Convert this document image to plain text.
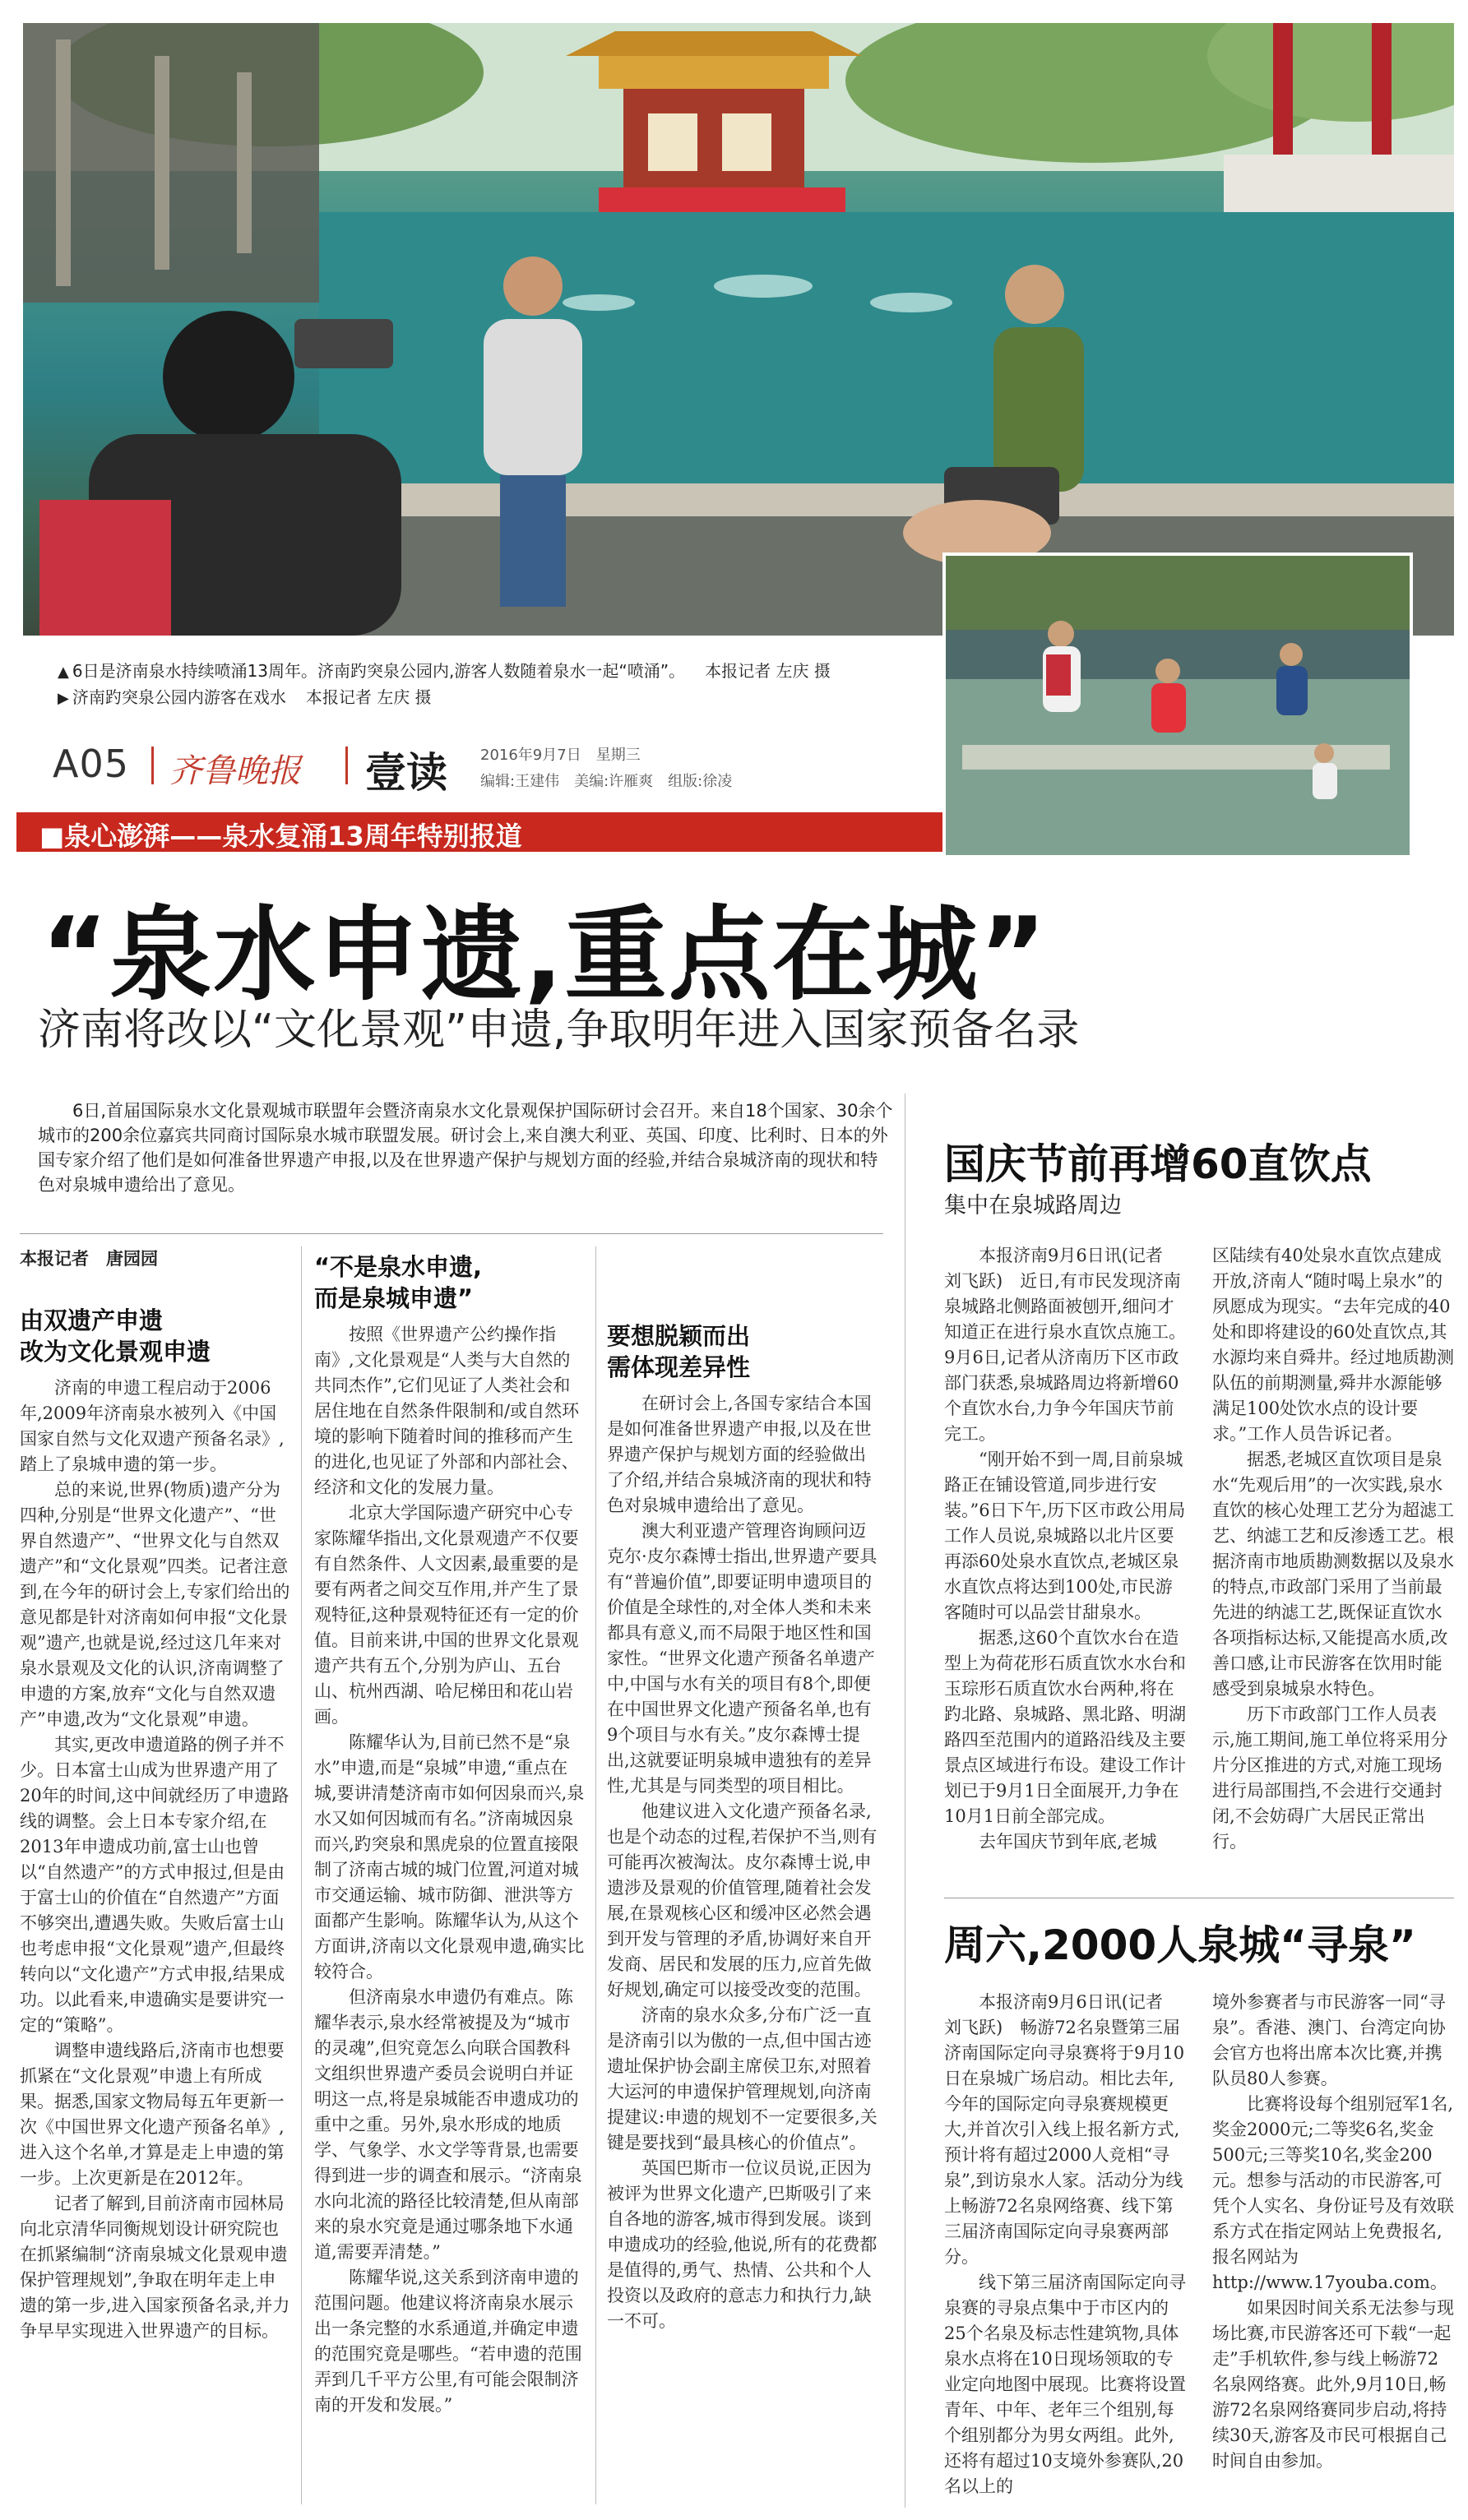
▲ 6日是济南泉水持续喷涌13周年。济南趵突泉公园内,游客人数随着泉水一起“喷涌”。 本报记者 左庆 摄
▶ 济南趵突泉公园内游客在戏水 本报记者 左庆 摄
A05 齐鲁晚报 壹读 2016年9月7日　星期三
编辑:王建伟　美编:许雁爽　组版:徐凌
■泉心澎湃——泉水复涌13周年特别报道
“泉水申遗,重点在城”
济南将改以“文化景观”申遗,争取明年进入国家预备名录
6日,首届国际泉水文化景观城市联盟年会暨济南泉水文化景观保护国际研讨会召开。来自18个国家、30余个城市的200余位嘉宾共同商讨国际泉水城市联盟发展。研讨会上,来自澳大利亚、英国、印度、比利时、日本的外国专家介绍了他们是如何准备世界遗产申报,以及在世界遗产保护与规划方面的经验,并结合泉城济南的现状和特色对泉城申遗给出了意见。
本报记者　唐园园
由双遗产申遗
改为文化景观申遗

济南的申遗工程启动于2006年,2009年济南泉水被列入《中国国家自然与文化双遗产预备名录》,踏上了泉城申遗的第一步。

总的来说,世界(物质)遗产分为四种,分别是“世界文化遗产”、“世界自然遗产”、“世界文化与自然双遗产”和“文化景观”四类。记者注意到,在今年的研讨会上,专家们给出的意见都是针对济南如何申报“文化景观”遗产,也就是说,经过这几年来对泉水景观及文化的认识,济南调整了申遗的方案,放弃“文化与自然双遗产”申遗,改为“文化景观”申遗。

其实,更改申遗道路的例子并不少。日本富士山成为世界遗产用了20年的时间,这中间就经历了申遗路线的调整。会上日本专家介绍,在2013年申遗成功前,富士山也曾以“自然遗产”的方式申报过,但是由于富士山的价值在“自然遗产”方面不够突出,遭遇失败。失败后富士山也考虑申报“文化景观”遗产,但最终转向以“文化遗产”方式申报,结果成功。以此看来,申遗确实是要讲究一定的“策略”。

调整申遗线路后,济南市也想要抓紧在“文化景观”申遗上有所成果。据悉,国家文物局每五年更新一次《中国世界文化遗产预备名单》,进入这个名单,才算是走上申遗的第一步。上次更新是在2012年。

记者了解到,目前济南市园林局向北京清华同衡规划设计研究院也在抓紧编制“济南泉城文化景观申遗保护管理规划”,争取在明年走上申遗的第一步,进入国家预备名录,并力争早早实现进入世界遗产的目标。

“不是泉水申遗,
而是泉城申遗”

按照《世界遗产公约操作指南》,文化景观是“人类与大自然的共同杰作”,它们见证了人类社会和居住地在自然条件限制和/或自然环境的影响下随着时间的推移而产生的进化,也见证了外部和内部社会、经济和文化的发展力量。

北京大学国际遗产研究中心专家陈耀华指出,文化景观遗产不仅要有自然条件、人文因素,最重要的是要有两者之间交互作用,并产生了景观特征,这种景观特征还有一定的价值。目前来讲,中国的世界文化景观遗产共有五个,分别为庐山、五台山、杭州西湖、哈尼梯田和花山岩画。

陈耀华认为,目前已然不是“泉水”申遗,而是“泉城”申遗,“重点在城,要讲清楚济南市如何因泉而兴,泉水又如何因城而有名。”济南城因泉而兴,趵突泉和黑虎泉的位置直接限制了济南古城的城门位置,河道对城市交通运输、城市防御、泄洪等方面都产生影响。陈耀华认为,从这个方面讲,济南以文化景观申遗,确实比较符合。

但济南泉水申遗仍有难点。陈耀华表示,泉水经常被提及为“城市的灵魂”,但究竟怎么向联合国教科文组织世界遗产委员会说明白并证明这一点,将是泉城能否申遗成功的重中之重。另外,泉水形成的地质学、气象学、水文学等背景,也需要得到进一步的调查和展示。“济南泉水向北流的路径比较清楚,但从南部来的泉水究竟是通过哪条地下水通道,需要弄清楚。”

陈耀华说,这关系到济南申遗的范围问题。他建议将济南泉水展示出一条完整的水系通道,并确定申遗的范围究竟是哪些。“若申遗的范围弄到几千平方公里,有可能会限制济南的开发和发展。”

要想脱颖而出
需体现差异性

在研讨会上,各国专家结合本国是如何准备世界遗产申报,以及在世界遗产保护与规划方面的经验做出了介绍,并结合泉城济南的现状和特色对泉城申遗给出了意见。

澳大利亚遗产管理咨询顾问迈克尔·皮尔森博士指出,世界遗产要具有“普遍价值”,即要证明申遗项目的价值是全球性的,对全体人类和未来都具有意义,而不局限于地区性和国家性。“世界文化遗产预备名单遗产中,中国与水有关的项目有8个,即便在中国世界文化遗产预备名单,也有9个项目与水有关。”皮尔森博士提出,这就要证明泉城申遗独有的差异性,尤其是与同类型的项目相比。

他建议进入文化遗产预备名录,也是个动态的过程,若保护不当,则有可能再次被淘汰。皮尔森博士说,申遗涉及景观的价值管理,随着社会发展,在景观核心区和缓冲区必然会遇到开发与管理的矛盾,协调好来自开发商、居民和发展的压力,应首先做好规划,确定可以接受改变的范围。

济南的泉水众多,分布广泛一直是济南引以为傲的一点,但中国古迹遗址保护协会副主席侯卫东,对照着大运河的申遗保护管理规划,向济南提建议:申遗的规划不一定要很多,关键是要找到“最具核心的价值点”。

英国巴斯市一位议员说,正因为被评为世界文化遗产,巴斯吸引了来自各地的游客,城市得到发展。谈到申遗成功的经验,他说,所有的花费都是值得的,勇气、热情、公共和个人投资以及政府的意志力和执行力,缺一不可。

国庆节前再增60直饮点
集中在泉城路周边

本报济南9月6日讯(记者　刘飞跃)　近日,有市民发现济南泉城路北侧路面被刨开,细问才知道正在进行泉水直饮点施工。9月6日,记者从济南历下区市政部门获悉,泉城路周边将新增60个直饮水台,力争今年国庆节前完工。

“刚开始不到一周,目前泉城路正在铺设管道,同步进行安装。”6日下午,历下区市政公用局工作人员说,泉城路以北片区要再添60处泉水直饮点,老城区泉水直饮点将达到100处,市民游客随时可以品尝甘甜泉水。

据悉,这60个直饮水台在造型上为荷花形石质直饮水水台和玉琮形石质直饮水台两种,将在趵北路、泉城路、黑北路、明湖路四至范围内的道路沿线及主要景点区域进行布设。建设工作计划已于9月1日全面展开,力争在10月1日前全部完成。

去年国庆节到年底,老城

区陆续有40处泉水直饮点建成开放,济南人“随时喝上泉水”的夙愿成为现实。“去年完成的40处和即将建设的60处直饮点,其水源均来自舜井。经过地质勘测队伍的前期测量,舜井水源能够满足100处饮水点的设计要求。”工作人员告诉记者。

据悉,老城区直饮项目是泉水“先观后用”的一次实践,泉水直饮的核心处理工艺分为超滤工艺、纳滤工艺和反渗透工艺。根据济南市地质勘测数据以及泉水的特点,市政部门采用了当前最先进的纳滤工艺,既保证直饮水各项指标达标,又能提高水质,改善口感,让市民游客在饮用时能感受到泉城泉水特色。

历下市政部门工作人员表示,施工期间,施工单位将采用分片分区推进的方式,对施工现场进行局部围挡,不会进行交通封闭,不会妨碍广大居民正常出行。

周六,2000人泉城“寻泉”

本报济南9月6日讯(记者　刘飞跃)　畅游72名泉暨第三届济南国际定向寻泉赛将于9月10日在泉城广场启动。相比去年,今年的国际定向寻泉赛规模更大,并首次引入线上报名新方式,预计将有超过2000人竞相“寻泉”,到访泉水人家。活动分为线上畅游72名泉网络赛、线下第三届济南国际定向寻泉赛两部分。

线下第三届济南国际定向寻泉赛的寻泉点集中于市区内的25个名泉及标志性建筑物,具体泉水点将在10日现场领取的专业定向地图中展现。比赛将设置青年、中年、老年三个组别,每个组别都分为男女两组。此外,还将有超过10支境外参赛队,20名以上的

境外参赛者与市民游客一同“寻泉”。香港、澳门、台湾定向协会官方也将出席本次比赛,并携队员80人参赛。

比赛将设每个组别冠军1名,奖金2000元;二等奖6名,奖金500元;三等奖10名,奖金200元。想参与活动的市民游客,可凭个人实名、身份证号及有效联系方式在指定网站上免费报名,报名网站为http://www.17youba.com。

如果因时间关系无法参与现场比赛,市民游客还可下载“一起走”手机软件,参与线上畅游72名泉网络赛。此外,9月10日,畅游72名泉网络赛同步启动,将持续30天,游客及市民可根据自己时间自由参加。
